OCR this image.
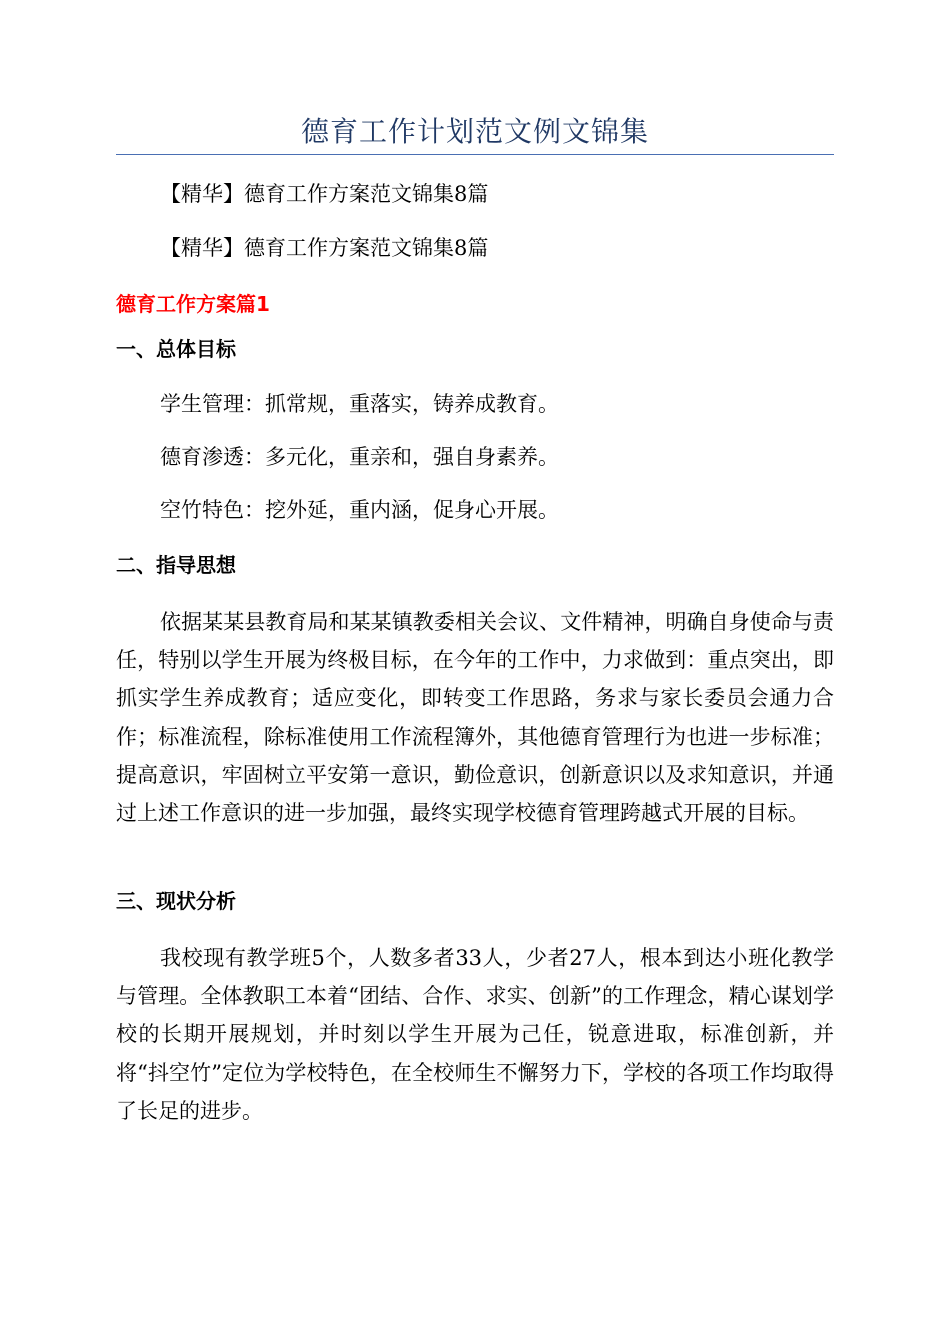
德育工作计划范文例文锦集
【精华】德育工作方案范文锦集8篇
【精华】德育工作方案范文锦集8篇
德育工作方案篇1
一、总体目标
学生管理：抓常规，重落实，铸养成教育。
德育渗透：多元化，重亲和，强自身素养。
空竹特色：挖外延，重内涵，促身心开展。
二、指导思想
依据某某县教育局和某某镇教委相关会议、文件精神，明确自身使命与责任，特别以学生开展为终极目标，在今年的工作中，力求做到：重点突出，即抓实学生养成教育；适应变化，即转变工作思路，务求与家长委员会通力合作；标准流程，除标准使用工作流程簿外，其他德育管理行为也进一步标准；提高意识，牢固树立平安第一意识，勤俭意识，创新意识以及求知意识，并通过上述工作意识的进一步加强，最终实现学校德育管理跨越式开展的目标。
三、现状分析
我校现有教学班5个，人数多者33人，少者27人，根本到达小班化教学与管理。全体教职工本着“团结、合作、求实、创新”的工作理念，精心谋划学校的长期开展规划，并时刻以学生开展为己任，锐意进取，标准创新，并将“抖空竹”定位为学校特色，在全校师生不懈努力下，学校的各项工作均取得了长足的进步。
